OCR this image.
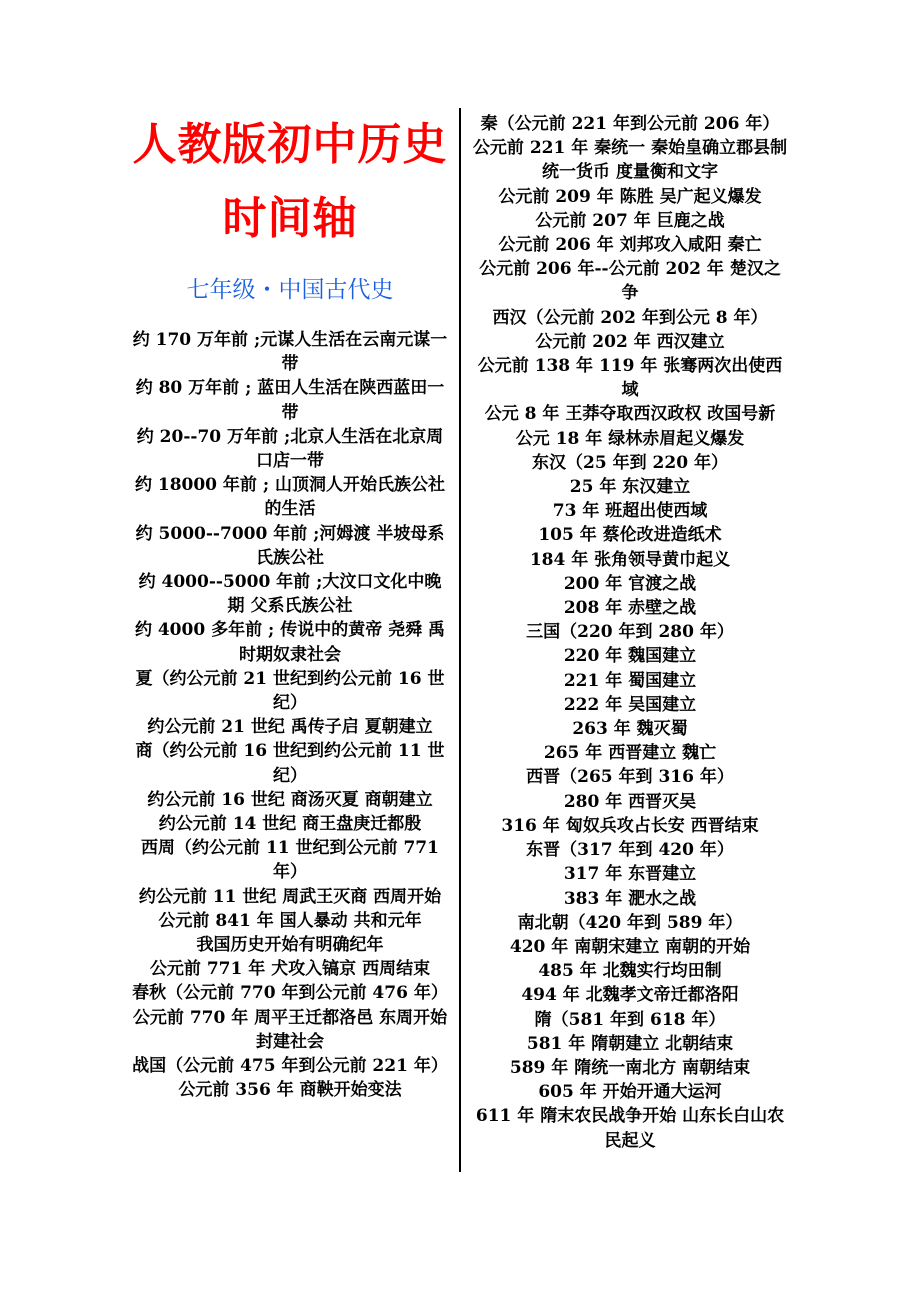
人教版初中历史
时间轴
七年级・中国古代史
约 170 万年前 ;元谋人生活在云南元谋一带
约 80 万年前 ; 蓝田人生活在陕西蓝田一带
约 20--70 万年前 ;北京人生活在北京周口店一带
约 18000 年前 ; 山顶洞人开始氏族公社的生活
约 5000--7000 年前 ;河姆渡 半坡母系氏族公社
约 4000--5000 年前 ;大汶口文化中晚期 父系氏族公社
约 4000 多年前 ; 传说中的黄帝 尧舜 禹时期奴隶社会
夏（约公元前 21 世纪到约公元前 16 世纪）
约公元前 21 世纪 禹传子启 夏朝建立
商（约公元前 16 世纪到约公元前 11 世纪）
约公元前 16 世纪 商汤灭夏 商朝建立
约公元前 14 世纪 商王盘庚迁都殷
西周（约公元前 11 世纪到公元前 771 年）
约公元前 11 世纪 周武王灭商 西周开始
公元前 841 年 国人暴动 共和元年
我国历史开始有明确纪年
公元前 771 年 犬攻入镐京 西周结束
春秋（公元前 770 年到公元前 476 年）
公元前 770 年 周平王迁都洛邑 东周开始封建社会
战国（公元前 475 年到公元前 221 年）
公元前 356 年 商鞅开始变法
秦（公元前 221 年到公元前 206 年）
公元前 221 年 秦统一 秦始皇确立郡县制 统一货币 度量衡和文字
公元前 209 年 陈胜 吴广起义爆发
公元前 207 年 巨鹿之战
公元前 206 年 刘邦攻入咸阳 秦亡
公元前 206 年--公元前 202 年 楚汉之争
西汉（公元前 202 年到公元 8 年）
公元前 202 年 西汉建立
公元前 138 年 119 年 张骞两次出使西域
公元 8 年 王莽夺取西汉政权 改国号新
公元 18 年 绿林赤眉起义爆发
东汉（25 年到 220 年）
25 年 东汉建立
73 年 班超出使西域
105 年 蔡伦改进造纸术
184 年 张角领导黄巾起义
200 年 官渡之战
208 年 赤壁之战
三国（220 年到 280 年）
220 年 魏国建立
221 年 蜀国建立
222 年 吴国建立
263 年 魏灭蜀
265 年 西晋建立 魏亡
西晋（265 年到 316 年）
280 年 西晋灭吴
316 年 匈奴兵攻占长安 西晋结束
东晋（317 年到 420 年）
317 年 东晋建立
383 年 淝水之战
南北朝（420 年到 589 年）
420 年 南朝宋建立 南朝的开始
485 年 北魏实行均田制
494 年 北魏孝文帝迁都洛阳
隋（581 年到 618 年）
581 年 隋朝建立 北朝结束
589 年 隋统一南北方 南朝结束
605 年 开始开通大运河
611 年 隋末农民战争开始 山东长白山农民起义
